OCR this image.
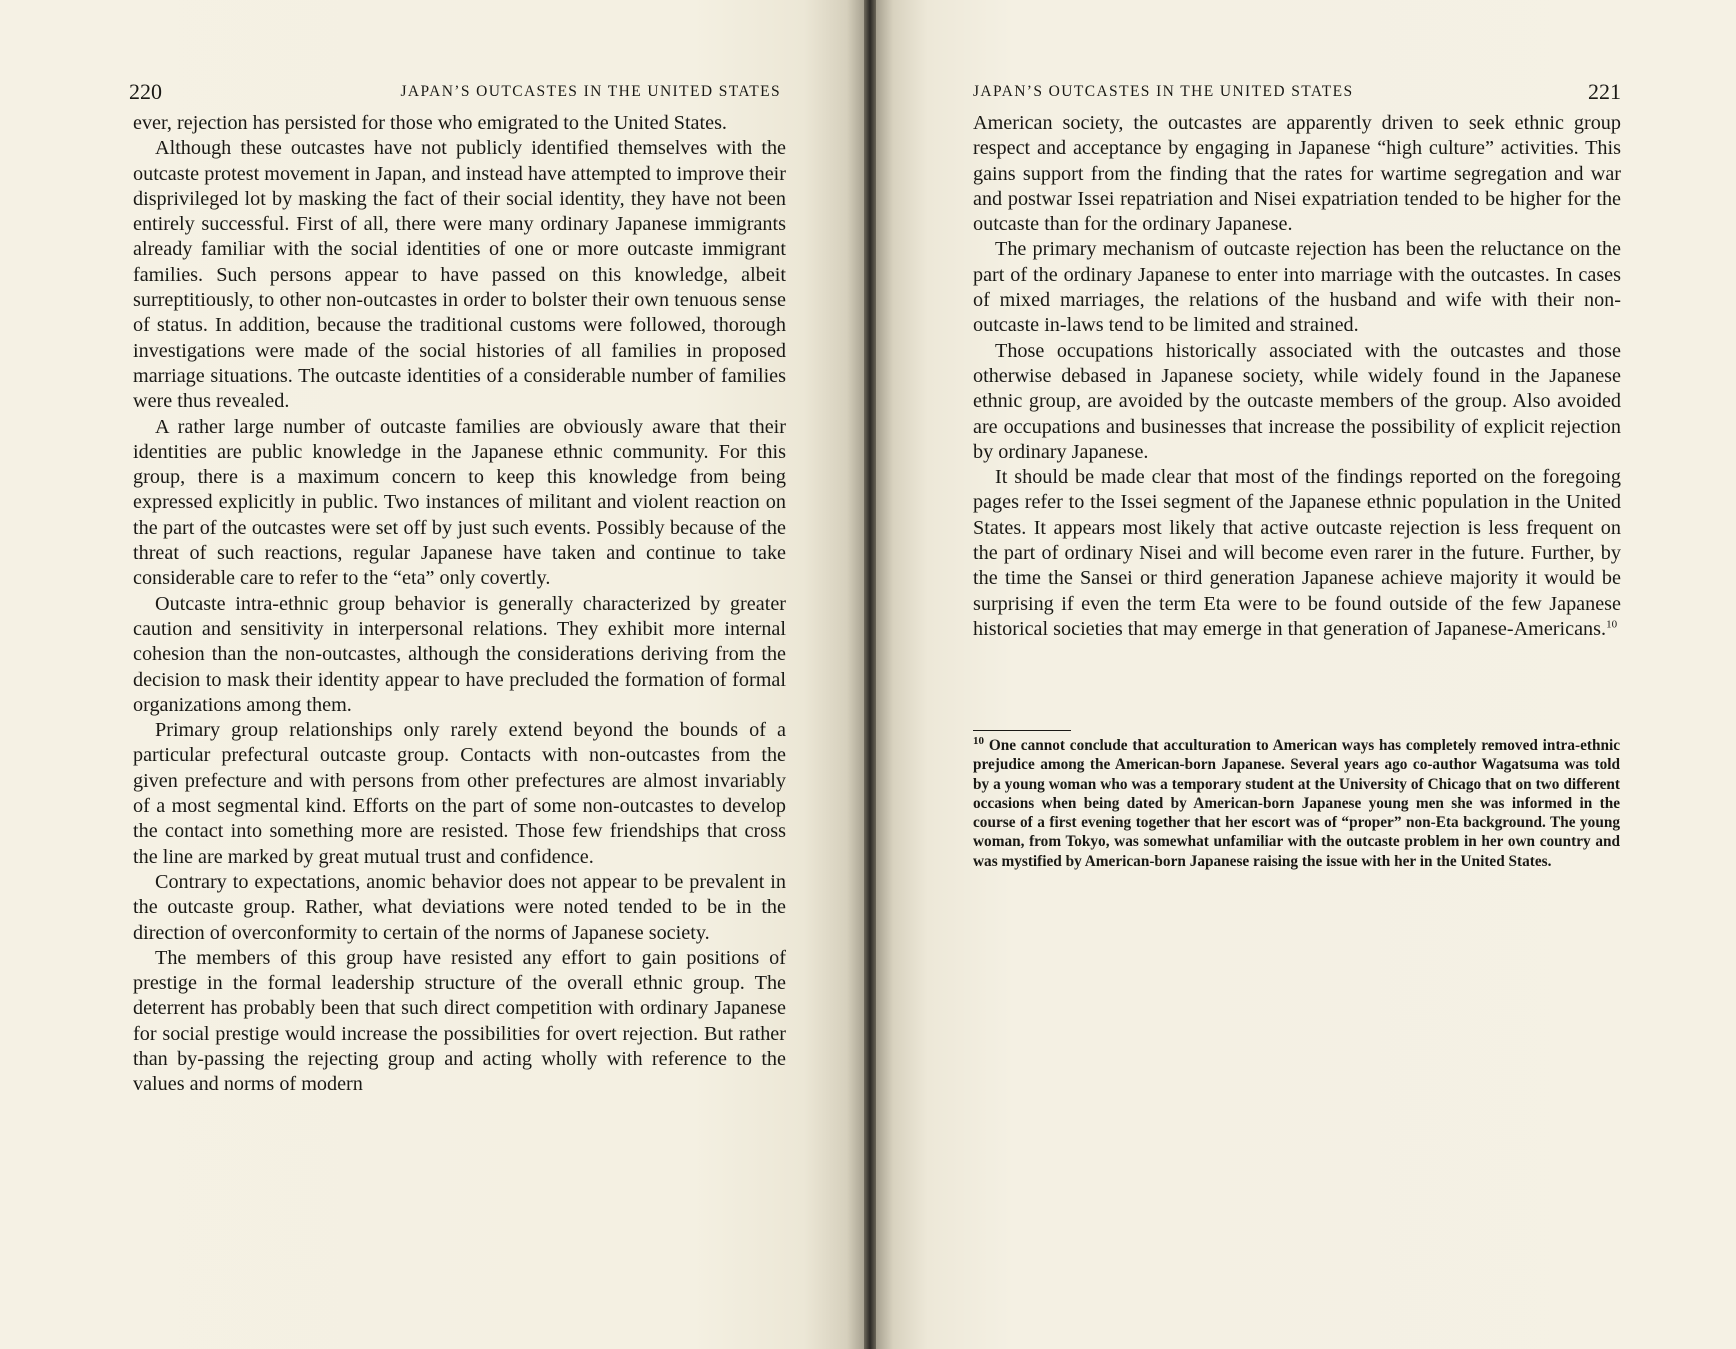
220	JAPAN’S OUTCASTES IN THE UNITED STATES

ever, rejection has persisted for those who emigrated to the United States.

Although these outcastes have not publicly identified themselves with the outcaste protest movement in Japan, and instead have attempted to improve their disprivileged lot by masking the fact of their social identity, they have not been entirely successful. First of all, there were many ordinary Japanese immigrants already familiar with the social identities of one or more outcaste immigrant families. Such persons appear to have passed on this knowledge, albeit surreptitiously, to other non-outcastes in order to bolster their own tenuous sense of status. In addition, because the traditional customs were followed, thorough investigations were made of the social histories of all families in proposed marriage situations. The outcaste identities of a considerable number of families were thus revealed.

A rather large number of outcaste families are obviously aware that their identities are public knowledge in the Japanese ethnic community. For this group, there is a maximum concern to keep this knowledge from being expressed explicitly in public. Two instances of militant and violent reaction on the part of the outcastes were set off by just such events. Possibly because of the threat of such reactions, regular Japanese have taken and continue to take considerable care to refer to the “eta” only covertly.

Outcaste intra-ethnic group behavior is generally characterized by greater caution and sensitivity in interpersonal relations. They exhibit more internal cohesion than the non-outcastes, although the considerations deriving from the decision to mask their identity appear to have precluded the formation of formal organizations among them.

Primary group relationships only rarely extend beyond the bounds of a particular prefectural outcaste group. Contacts with non-outcastes from the given prefecture and with persons from other prefectures are almost invariably of a most segmental kind. Efforts on the part of some non-outcastes to develop the contact into something more are resisted. Those few friendships that cross the line are marked by great mutual trust and confidence.

Contrary to expectations, anomic behavior does not appear to be prevalent in the outcaste group. Rather, what deviations were noted tended to be in the direction of overconformity to certain of the norms of Japanese society.

The members of this group have resisted any effort to gain positions of prestige in the formal leadership structure of the overall ethnic group. The deterrent has probably been that such direct competition with ordinary Japanese for social prestige would increase the possibilities for overt rejection. But rather than by-passing the rejecting group and acting wholly with reference to the values and norms of modern

JAPAN’S OUTCASTES IN THE UNITED STATES	221

American society, the outcastes are apparently driven to seek ethnic group respect and acceptance by engaging in Japanese “high culture” activities. This gains support from the finding that the rates for wartime segregation and war and postwar Issei repatriation and Nisei expatriation tended to be higher for the outcaste than for the ordinary Japanese.

The primary mechanism of outcaste rejection has been the reluctance on the part of the ordinary Japanese to enter into marriage with the outcastes. In cases of mixed marriages, the relations of the husband and wife with their non-outcaste in-laws tend to be limited and strained.

Those occupations historically associated with the outcastes and those otherwise debased in Japanese society, while widely found in the Japanese ethnic group, are avoided by the outcaste members of the group. Also avoided are occupations and businesses that increase the possibility of explicit rejection by ordinary Japanese.

It should be made clear that most of the findings reported on the foregoing pages refer to the Issei segment of the Japanese ethnic population in the United States. It appears most likely that active outcaste rejection is less frequent on the part of ordinary Nisei and will become even rarer in the future. Further, by the time the Sansei or third generation Japanese achieve majority it would be surprising if even the term Eta were to be found outside of the few Japanese historical societies that may emerge in that generation of Japanese-Americans.$^{10}$

$^{10}$ One cannot conclude that acculturation to American ways has completely removed intra-ethnic prejudice among the American-born Japanese. Several years ago co-author Wagatsuma was told by a young woman who was a temporary student at the University of Chicago that on two different occasions when being dated by American-born Japanese young men she was informed in the course of a first evening together that her escort was of “proper” non-Eta background. The young woman, from Tokyo, was somewhat unfamiliar with the outcaste problem in her own country and was mystified by American-born Japanese raising the issue with her in the United States.
